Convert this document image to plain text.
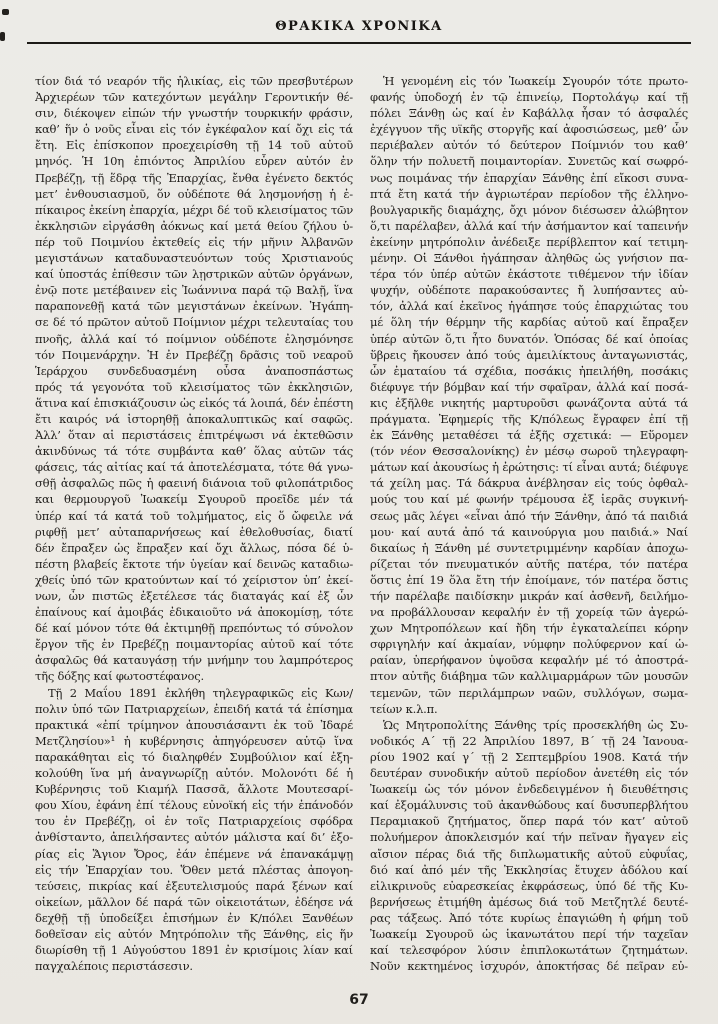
ΘΡΑΚΙΚΑ ΧΡΟΝΙΚΑ
τίον διά τό νεαρόν τῆς ἡλικίας, εἰς τῶν πρεσβυτέρων
Ἀρχιερέων τῶν κατεχόντων μεγάλην Γεροντικήν θέ-
σιν, διέκοψεν εἰπών τήν γνωστήν τουρκικήν φράσιν,
καθ’ ἥν ὁ νοῦς εἶναι εἰς τόν ἐγκέφαλον καί ὄχι εἰς τά
ἔτη. Εἰς ἐπίσκοπον προεχειρίσθη τῇ 14 τοῦ αὐτοῦ
μηνός. Ἡ 10η ἐπιόντος Ἀπριλίου εὗρεν αὐτόν ἐν
Πρεβέζῃ, τῇ ἕδρᾳ τῆς Ἐπαρχίας, ἔνθα ἐγένετο δεκτός
μετ’ ἐνθουσιασμοῦ, ὅν οὐδέποτε θά λησμονήσῃ ἡ ἐ-
πίκαιρος ἐκείνη ἐπαρχία, μέχρι δέ τοῦ κλεισίματος τῶν
ἐκκλησιῶν εἰργάσθη ἀόκνως καί μετά θείου ζήλου ὑ-
πέρ τοῦ Ποιμνίου ἐκτεθείς εἰς τήν μῆνιν Ἀλβανῶν
μεγιστάνων καταδυναστευόντων τούς Χριστιανούς
καί ὑποστάς ἐπίθεσιν τῶν λῃστρικῶν αὐτῶν ὀργάνων,
ἐνῷ ποτε μετέβαινεν εἰς Ἰωάννινα παρά τῷ Βαλῇ, ἵνα
παραπονεθῇ κατά τῶν μεγιστάνων ἐκείνων. Ἠγάπη-
σε δέ τό πρῶτον αὐτοῦ Ποίμνιον μέχρι τελευταίας του
πνοῆς, ἀλλά καί τό ποίμνιον οὐδέποτε ἐλησμόνησε
τόν Ποιμενάρχην. Ἡ ἐν Πρεβέζῃ δρᾶσις τοῦ νεαροῦ
Ἱεράρχου συνδεδυασμένη οὖσα ἀναποσπάστως
πρός τά γεγονότα τοῦ κλεισίματος τῶν ἐκκλησιῶν,
ἅτινα καί ἐπισκιάζουσιν ὡς εἰκός τά λοιπά, δέν ἐπέστη
ἔτι καιρός νά ἱστορηθῇ ἀποκαλυπτικῶς καί σαφῶς.
Ἀλλ’ ὅταν αἱ περιστάσεις ἐπιτρέψωσι νά ἐκτεθῶσιν
ἀκινδύνως τά τότε συμβάντα καθ’ ὅλας αὐτῶν τάς
φάσεις, τάς αἰτίας καί τά ἀποτελέσματα, τότε θά γνω-
σθῇ ἀσφαλῶς πῶς ἡ φαεινή διάνοια τοῦ φιλοπάτριδος
και θερμουργοῦ Ἰωακείμ Σγουροῦ προεῖδε μέν τά
ὑπέρ καί τά κατά τοῦ τολμήματος, εἰς ὅ ὤφειλε νά
ριφθῇ μετ’ αὐταπαρνήσεως καί ἐθελοθυσίας, διατί
δέν ἔπραξεν ὡς ἔπραξεν καί ὄχι ἄλλως, πόσα δέ ὑ-
πέστη βλαβείς ἔκτοτε τήν ὑγείαν καί δεινῶς καταδιω-
χθείς ὑπό τῶν κρατούντων καί τό χείριστον ὑπ’ ἐκεί-
νων, ὧν πιστῶς ἐξετέλεσε τάς διαταγάς καί ἐξ ὧν
ἐπαίνους καί ἀμοιβάς ἐδικαιοῦτο νά ἀποκομίσῃ, τότε
δέ καί μόνον τότε θά ἐκτιμηθῇ πρεπόντως τό σύνολον
ἔργον τῆς ἐν Πρεβέζῃ ποιμαντορίας αὐτοῦ καί τότε
ἀσφαλῶς θά καταυγάσῃ τήν μνήμην του λαμπρότερος
τῆς δόξης καί φωτοστέφανος.
Τῇ 2 Μαΐου 1891 ἐκλήθη τηλεγραφικῶς εἰς Κων/
πολιν ὑπό τῶν Πατριαρχείων, ἐπειδή κατά τά ἐπίσημα
πρακτικά «ἐπί τρίμηνον ἀπουσιάσαντι ἐκ τοῦ Ἰδαρέ
Μετζλησίου»¹ ἡ κυβέρνησις ἀπηγόρευσεν αὐτῷ ἵνα
παρακάθηται εἰς τό διαληφθέν Συμβούλιον καί ἐξη-
κολούθη ἵνα μή ἀναγνωρίζῃ αὐτόν. Μολονότι δέ ἡ
Κυβέρνησις τοῦ Κιαμήλ Πασσᾶ, ἄλλοτε Μουτεσαρί-
φου Χίου, ἐφάνη ἐπί τέλους εὐνοϊκή εἰς τήν ἐπάνοδόν
του ἐν Πρεβέζῃ, οἱ ἐν τοῖς Πατριαρχείοις σφόδρα
ἀνθίσταντο, ἀπειλήσαντες αὐτόν μάλιστα καί δι’ ἐξο-
ρίας εἰς Ἅγιον Ὄρος, ἐάν ἐπέμενε νά ἐπανακάμψῃ
εἰς τήν Ἐπαρχίαν του. Ὅθεν μετά πλέστας ἀπογοη-
τεύσεις, πικρίας καί ἐξευτελισμούς παρά ξένων καί
οἰκείων, μᾶλλον δέ παρά τῶν οἰκειοτάτων, ἐδέησε νά
δεχθῇ τῇ ὑποδείξει ἐπισήμων ἐν Κ/πόλει Ξανθέων
δοθεῖσαν εἰς αὐτόν Μητρόπολιν τῆς Ξάνθης, εἰς ἥν
διωρίσθη τῇ 1 Αὐγούστου 1891 ἐν κρισίμοις λίαν καί
παγχαλέποις περιστάσεσιν.
Ἡ γενομένη εἰς τόν Ἰωακείμ Σγουρόν τότε πρωτο-
φανής ὑποδοχή ἐν τῷ ἐπινείῳ, Πορτολάγῳ καί τῇ
πόλει Ξάνθῃ ὡς καί ἐν Καβάλλᾳ ἦσαν τό ἀσφαλές
ἐχέγγυον τῆς υϊκῆς στοργῆς καί ἀφοσιώσεως, μεθ’ ὧν
περιέβαλεν αὐτόν τό δεύτερον Ποίμνιόν του καθ’
ὅλην τήν πολυετῆ ποιμαντορίαν. Συνετῶς καί σωφρό-
νως ποιμάνας τήν ἐπαρχίαν Ξάνθης ἐπί εἴκοσι συνα-
πτά ἔτη κατά τήν ἀγριωτέραν περίοδον τῆς ἑλληνο-
βουλγαρικῆς διαμάχης, ὄχι μόνον διέσωσεν ἀλώβητον
ὅ,τι παρέλαβεν, ἀλλά καί τήν ἀσήμαντον καί ταπεινήν
ἐκείνην μητρόπολιν ἀνέδειξε περίβλεπτον καί τετιμη-
μένην. Οἱ Ξάνθοι ἠγάπησαν ἀληθῶς ὡς γνήσιον πα-
τέρα τόν ὑπέρ αὐτῶν ἑκάστοτε τιθέμενον τήν ἰδίαν
ψυχήν, οὐδέποτε παρακούσαντες ἤ λυπήσαντες αὐ-
τόν, ἀλλά καί ἐκεῖνος ἠγάπησε τούς ἐπαρχιώτας του
μέ ὅλη τήν θέρμην τῆς καρδίας αὐτοῦ καί ἔπραξεν
ὑπέρ αὐτῶν ὅ,τι ἦτο δυνατόν. Ὁπόσας δέ καί ὁποίας
ὕβρεις ἤκουσεν ἀπό τούς ἀμειλίκτους ἀνταγωνιστάς,
ὧν ἐματαίου τά σχέδια, ποσάκις ἠπειλήθη, ποσάκις
διέφυγε τήν βόμβαν καί τήν σφαῖραν, ἀλλά καί ποσά-
κις ἐξῆλθε νικητής μαρτυροῦσι φωνάζοντα αὐτά τά
πράγματα. Ἐφημερίς τῆς Κ/πόλεως ἔγραφεν ἐπί τῇ
ἐκ Ξάνθης μεταθέσει τά ἑξῆς σχετικά: — Εὕρομεν
(τόν νέον Θεσσαλονίκης) ἐν μέσῳ σωροῦ τηλεγραφη-
μάτων καί ἀκουσίως ἡ ἐρώτησις: τί εἶναι αυτά; διέφυγε
τά χείλη μας. Τά δάκρυα ἀνέβλησαν εἰς τούς ὀφθαλ-
μούς του καί μέ φωνήν τρέμουσα ἐξ ἱερᾶς συγκινή-
σεως μᾶς λέγει «εἶναι ἀπό τήν Ξάνθην, ἀπό τά παιδιά
μου· καί αυτά ἀπό τά καινούργια μου παιδιά.» Ναί
δικαίως ἡ Ξάνθη μέ συντετριμμένην καρδίαν ἀποχω-
ρίζεται τόν πνευματικόν αὐτῆς πατέρα, τόν πατέρα
ὅστις ἐπί 19 ὅλα ἔτη τήν ἐποίμανε, τόν πατέρα ὅστις
τήν παρέλαβε παιδίσκην μικράν καί ἀσθενῆ, δειλήμο-
να προβάλλουσαν κεφαλήν ἐν τῇ χορείᾳ τῶν ἀγερώ-
χων Μητροπόλεων καί ἤδη τήν ἐγκαταλείπει κόρην
σφριγηλήν καί ἀκμαίαν, νύμφην πολύφερνον καί ὡ-
ραίαν, ὑπερήφανον ὑψοῦσα κεφαλήν μέ τό ἀποστρά-
πτον αὐτῆς διάβημα τῶν καλλιμαρμάρων τῶν μουσῶν
τεμενῶν, τῶν περιλάμπρων ναῶν, συλλόγων, σωμα-
τείων κ.λ.π.
Ὡς Μητροπολίτης Ξάνθης τρίς προσεκλήθη ὡς Συ-
νοδικός Α΄ τῇ 22 Ἀπριλίου 1897, Β΄ τῇ 24 Ἰανουα-
ρίου 1902 καί γ΄ τῇ 2 Σεπτεμβρίου 1908. Κατά τήν
δευτέραν συνοδικήν αὐτοῦ περίοδον ἀνετέθη εἰς τόν
Ἰωακείμ ὡς τόν μόνον ἐνδεδειγμένον ἡ διευθέτησις
καί ἐξομάλυνσις τοῦ ἀκανθώδους καί δυσυπερβλήτου
Περαμιακοῦ ζητήματος, ὅπερ παρά τόν κατ’ αὐτοῦ
πολυήμερον ἀποκλεισμόν καί τήν πεῖναν ἤγαγεν εἰς
αἴσιον πέρας διά τῆς διπλωματικῆς αὐτοῦ εὐφυΐας,
διό καί ἀπό μέν τῆς Ἐκκλησίας ἔτυχεν ἀδόλου καί
εἰλικρινοῦς εὐαρεσκείας ἐκφράσεως, ὑπό δέ τῆς Κυ-
βερνήσεως ἐτιμήθη ἀμέσως διά τοῦ Μετζητλέ δευτέ-
ρας τάξεως. Ἀπό τότε κυρίως ἐπαγιώθη ἡ φήμη τοῦ
Ἰωακείμ Σγουροῦ ὡς ἱκανωτάτου περί τήν ταχεῖαν
καί τελεσφόρον λύσιν ἐπιπλοκωτάτων ζητημάτων.
Νοῦν κεκτημένος ἰσχυρόν, ἀποκτήσας δέ πεῖραν εὐ-
67
